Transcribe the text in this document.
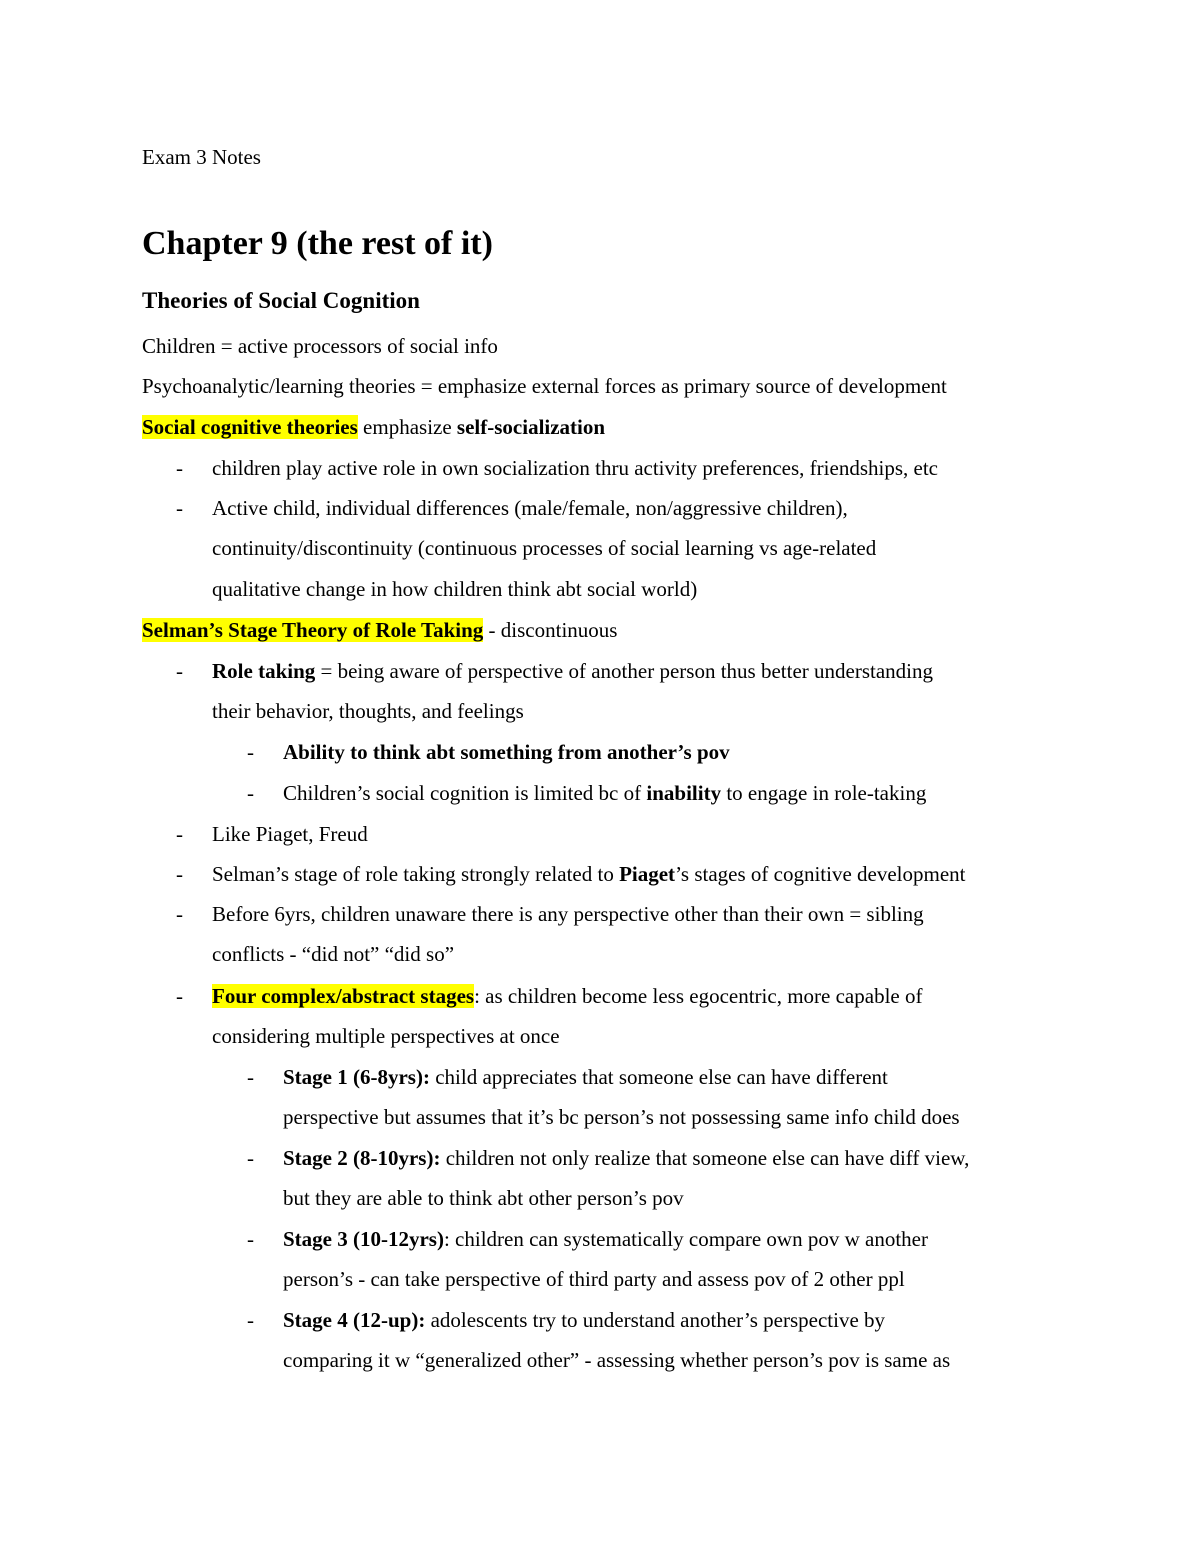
Exam 3 Notes
Chapter 9 (the rest of it)
Theories of Social Cognition
Children = active processors of social info
Psychoanalytic/learning theories = emphasize external forces as primary source of development
Social cognitive theories emphasize self-socialization
- children play active role in own socialization thru activity preferences, friendships, etc
- Active child, individual differences (male/female, non/aggressive children),
continuity/discontinuity (continuous processes of social learning vs age-related
qualitative change in how children think abt social world)
Selman’s Stage Theory of Role Taking - discontinuous
- Role taking = being aware of perspective of another person thus better understanding
their behavior, thoughts, and feelings
- Ability to think abt something from another’s pov
- Children’s social cognition is limited bc of inability to engage in role-taking
- Like Piaget, Freud
- Selman’s stage of role taking strongly related to Piaget’s stages of cognitive development
- Before 6yrs, children unaware there is any perspective other than their own = sibling
conflicts - “did not” “did so”
- Four complex/abstract stages: as children become less egocentric, more capable of
considering multiple perspectives at once
- Stage 1 (6-8yrs): child appreciates that someone else can have different
perspective but assumes that it’s bc person’s not possessing same info child does
- Stage 2 (8-10yrs): children not only realize that someone else can have diff view,
but they are able to think abt other person’s pov
- Stage 3 (10-12yrs): children can systematically compare own pov w another
person’s - can take perspective of third party and assess pov of 2 other ppl
- Stage 4 (12-up): adolescents try to understand another’s perspective by
comparing it w “generalized other” - assessing whether person’s pov is same as
